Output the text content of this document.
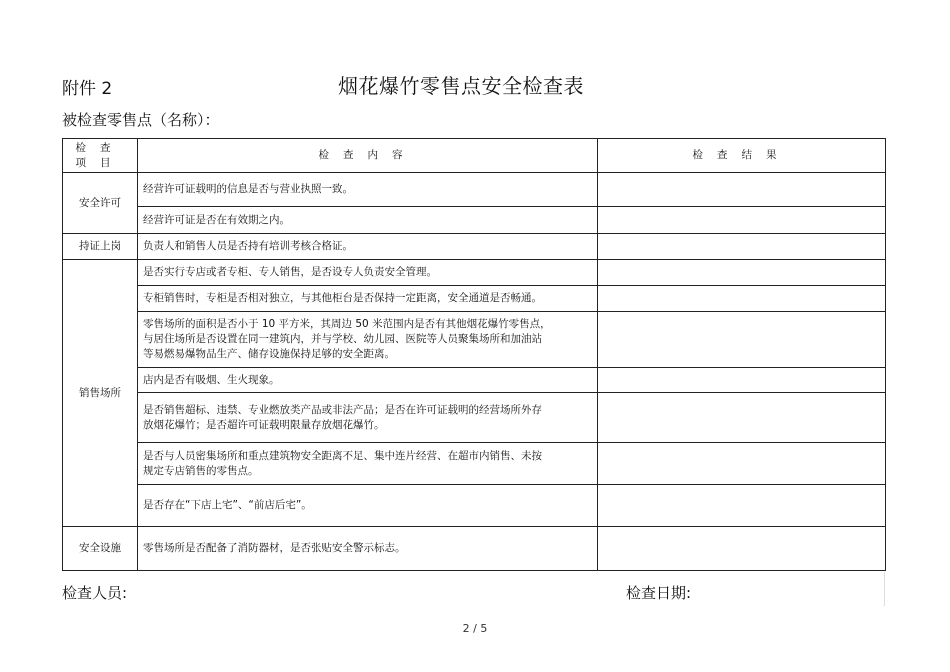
附件 2	烟花爆竹零售点安全检查表
被检查零售点（名称）：
检查项目	检查内容	检查结果
安全许可	经营许可证载明的信息是否与营业执照一致。	
	经营许可证是否在有效期之内。	
持证上岗	负责人和销售人员是否持有培训考核合格证。	
销售场所	是否实行专店或者专柜、专人销售，是否设专人负责安全管理。	
	专柜销售时，专柜是否相对独立，与其他柜台是否保持一定距离，安全通道是否畅通。	
	零售场所的面积是否小于 10 平方米，其周边 50 米范围内是否有其他烟花爆竹零售点，
与居住场所是否设置在同一建筑内，并与学校、幼儿园、医院等人员聚集场所和加油站
等易燃易爆物品生产、储存设施保持足够的安全距离。	
	店内是否有吸烟、生火现象。	
	是否销售超标、违禁、专业燃放类产品或非法产品；是否在许可证载明的经营场所外存
放烟花爆竹；是否超许可证载明限量存放烟花爆竹。	
	是否与人员密集场所和重点建筑物安全距离不足、集中连片经营、在超市内销售、未按
规定专店销售的零售点。	
	是否存在“下店上宅”、“前店后宅”。	
安全设施	零售场所是否配备了消防器材，是否张贴安全警示标志。	
检查人员:	检查日期:
2 / 5
